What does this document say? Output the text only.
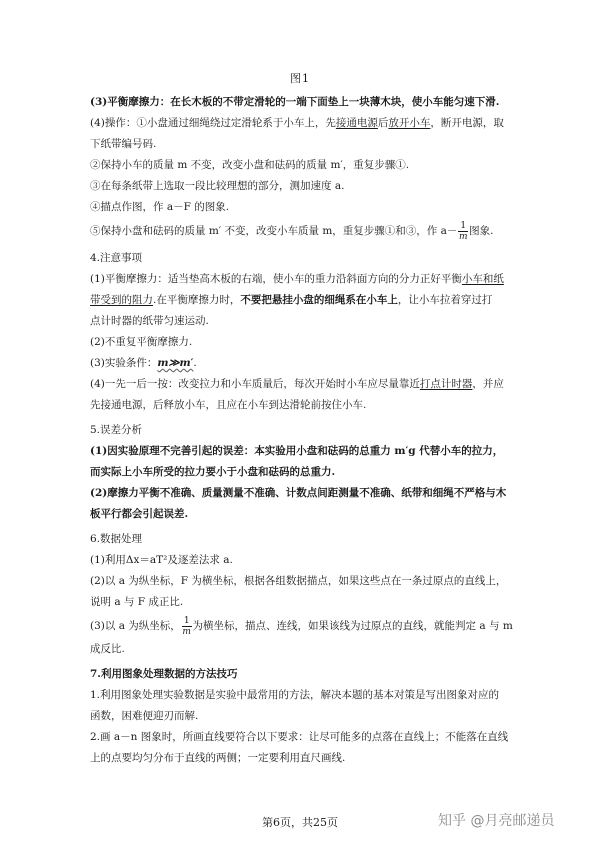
图1
(3)平衡摩擦力：在长木板的不带定滑轮的一端下面垫上一块薄木块，使小车能匀速下滑.
(4)操作：①小盘通过细绳绕过定滑轮系于小车上，先接通电源后放开小车，断开电源，取
下纸带编号码.
②保持小车的质量 m 不变，改变小盘和砝码的质量 m′，重复步骤①.
③在每条纸带上选取一段比较理想的部分，测加速度 a.
④描点作图，作 a－F 的图象.
⑤保持小盘和砝码的质量 m′ 不变，改变小车质量 m，重复步骤①和③，作 $a- \frac{1}{m}$ 图象.
4.注意事项
(1)平衡摩擦力：适当垫高木板的右端，使小车的重力沿斜面方向的分力正好平衡小车和纸
带受到的阻力.在平衡摩擦力时，不要把悬挂小盘的细绳系在小车上，让小车拉着穿过打
点计时器的纸带匀速运动.
(2)不重复平衡摩擦力.
(3)实验条件：m≫m′.
(4)一先一后一按：改变拉力和小车质量后，每次开始时小车应尽量靠近打点计时器，并应
先接通电源，后释放小车，且应在小车到达滑轮前按住小车.
5.误差分析
(1)因实验原理不完善引起的误差：本实验用小盘和砝码的总重力 m′g 代替小车的拉力，
而实际上小车所受的拉力要小于小盘和砝码的总重力.
(2)摩擦力平衡不准确、质量测量不准确、计数点间距测量不准确、纸带和细绳不严格与木
板平行都会引起误差.
6.数据处理
(1)利用Δx＝aT²及逐差法求 a.
(2)以 a 为纵坐标，F 为横坐标，根据各组数据描点，如果这些点在一条过原点的直线上，
说明 a 与 F 成正比.
(3)以 a 为纵坐标， $\frac{1}{m}$ 为横坐标，描点、连线，如果该线为过原点的直线，就能判定 a 与 m
成反比.
7.利用图象处理数据的方法技巧
1.利用图象处理实验数据是实验中最常用的方法，解决本题的基本对策是写出图象对应的
函数，困难便迎刃而解.
2.画 a－n 图象时，所画直线要符合以下要求：让尽可能多的点落在直线上；不能落在直线
上的点要均匀分布于直线的两侧；一定要利用直尺画线.
第6页，共25页	知乎 @月亮邮递员
